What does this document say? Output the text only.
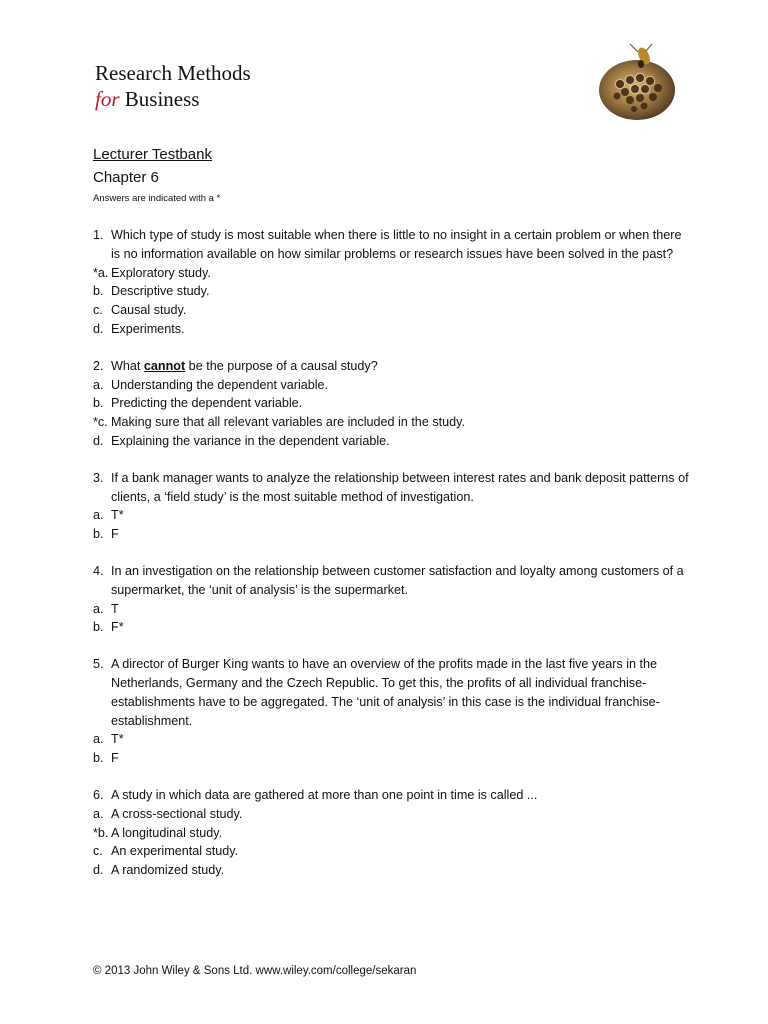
Research Methods
for Business
Lecturer Testbank
Chapter 6
Answers are indicated with a *
1. Which type of study is most suitable when there is little to no insight in a certain problem or when there is no information available on how similar problems or research issues have been solved in the past?
*a. Exploratory study.
b. Descriptive study.
c. Causal study.
d. Experiments.
2. What cannot be the purpose of a causal study?
a. Understanding the dependent variable.
b. Predicting the dependent variable.
*c. Making sure that all relevant variables are included in the study.
d. Explaining the variance in the dependent variable.
3. If a bank manager wants to analyze the relationship between interest rates and bank deposit patterns of clients, a ‘field study’ is the most suitable method of investigation.
a. T*
b. F
4. In an investigation on the relationship between customer satisfaction and loyalty among customers of a supermarket, the ‘unit of analysis’ is the supermarket.
a. T
b. F*
5. A director of Burger King wants to have an overview of the profits made in the last five years in the Netherlands, Germany and the Czech Republic. To get this, the profits of all individual franchise-establishments have to be aggregated. The ‘unit of analysis’ in this case is the individual franchise-establishment.
a. T*
b. F
6. A study in which data are gathered at more than one point in time is called ...
a. A cross-sectional study.
*b. A longitudinal study.
c. An experimental study.
d. A randomized study.
© 2013 John Wiley & Sons Ltd. www.wiley.com/college/sekaran
